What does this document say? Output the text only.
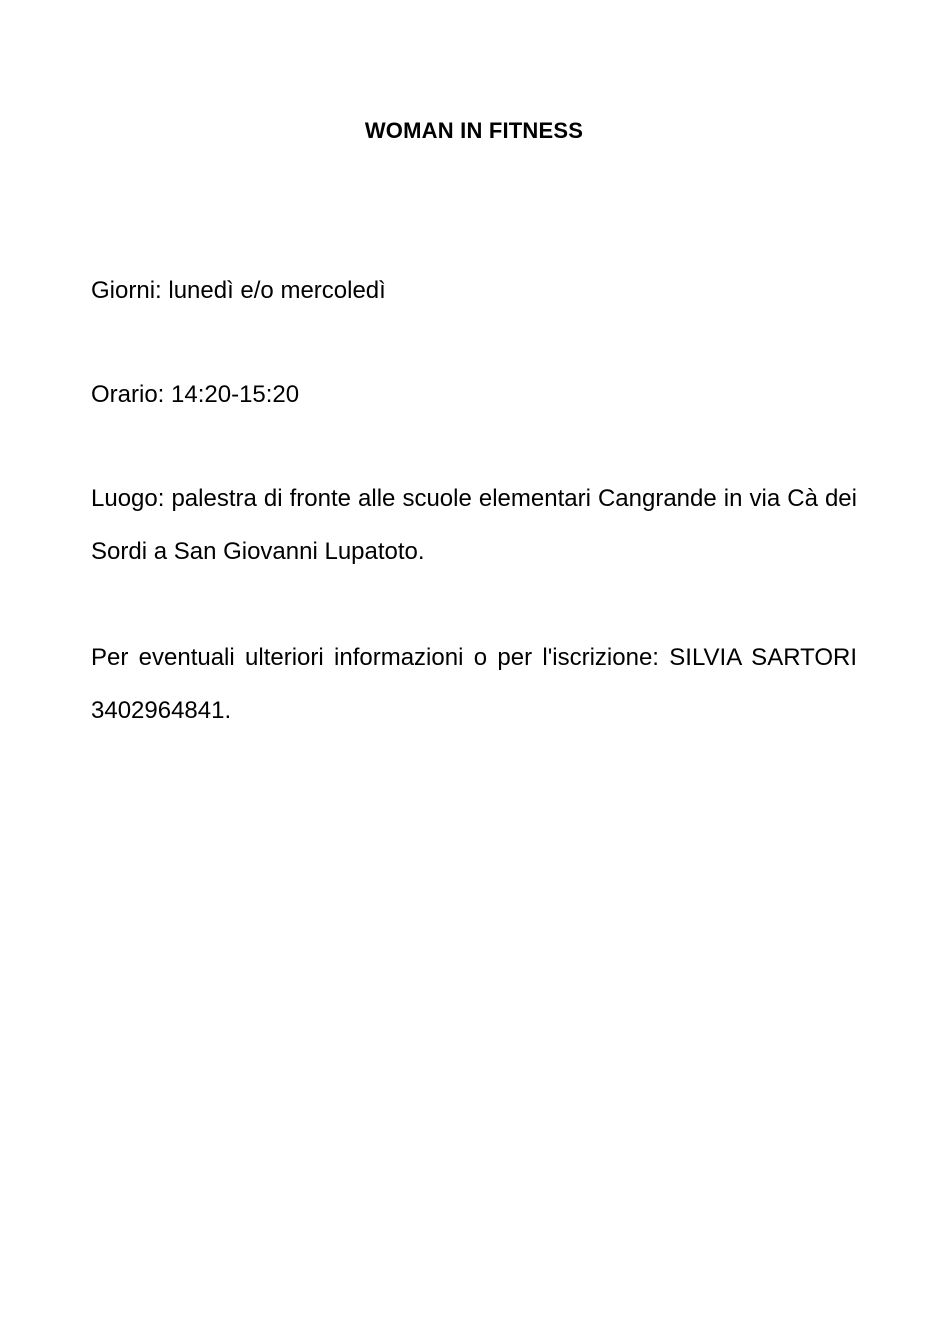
WOMAN IN FITNESS
Giorni: lunedì e/o mercoledì
Orario: 14:20-15:20
Luogo: palestra di fronte alle scuole elementari Cangrande in via Cà dei Sordi a San Giovanni Lupatoto.
Per eventuali ulteriori informazioni o per l'iscrizione: SILVIA SARTORI 3402964841.
